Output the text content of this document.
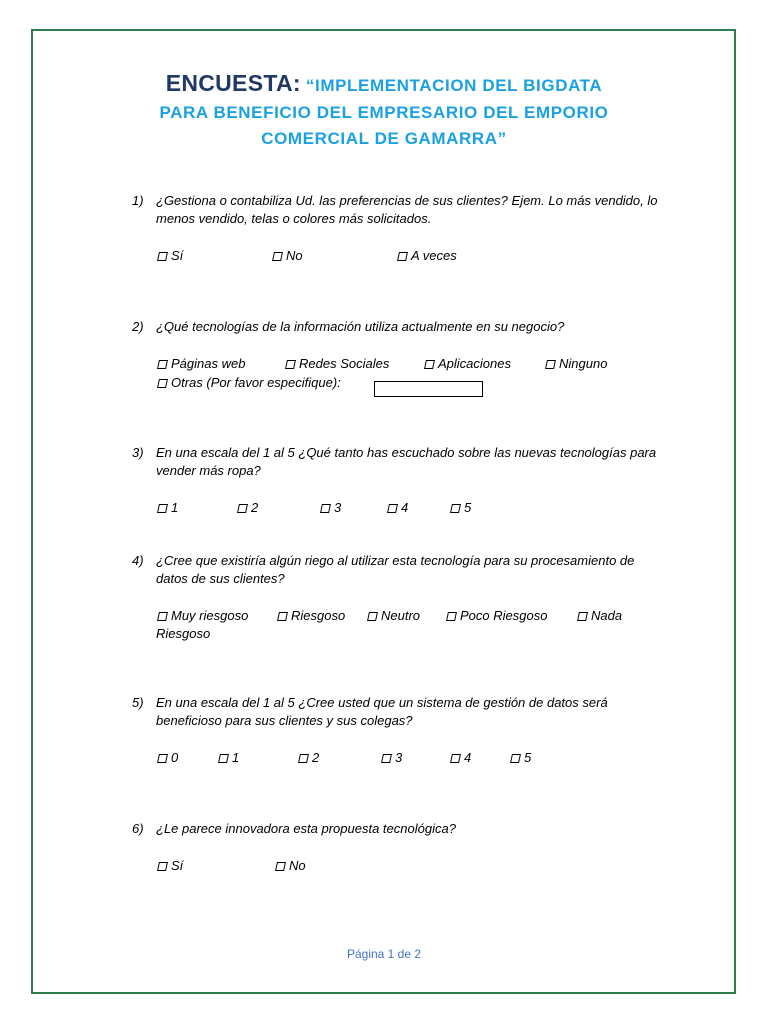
ENCUESTA: “IMPLEMENTACION DEL BIGDATA
PARA BENEFICIO DEL EMPRESARIO DEL EMPORIO
COMERCIAL DE GAMARRA”
1) ¿Gestiona o contabiliza Ud. las preferencias de sus clientes? Ejem. Lo más vendido, lo menos vendido, telas o colores más solicitados.
Sí	No	A veces
2) ¿Qué tecnologías de la información utiliza actualmente en su negocio?
Páginas web	Redes Sociales	Aplicaciones	Ninguno
Otras (Por favor especifique):
3) En una escala del 1 al 5 ¿Qué tanto has escuchado sobre las nuevas tecnologías para vender más ropa?
1	2	3	4	5
4) ¿Cree que existiría algún riego al utilizar esta tecnología para su procesamiento de datos de sus clientes?
Muy riesgoso	Riesgoso	Neutro	Poco Riesgoso	Nada
Riesgoso
5) En una escala del 1 al 5 ¿Cree usted que un sistema de gestión de datos será beneficioso para sus clientes y sus colegas?
0	1	2	3	4	5
6) ¿Le parece innovadora esta propuesta tecnológica?
Sí	No
Página 1 de 2
